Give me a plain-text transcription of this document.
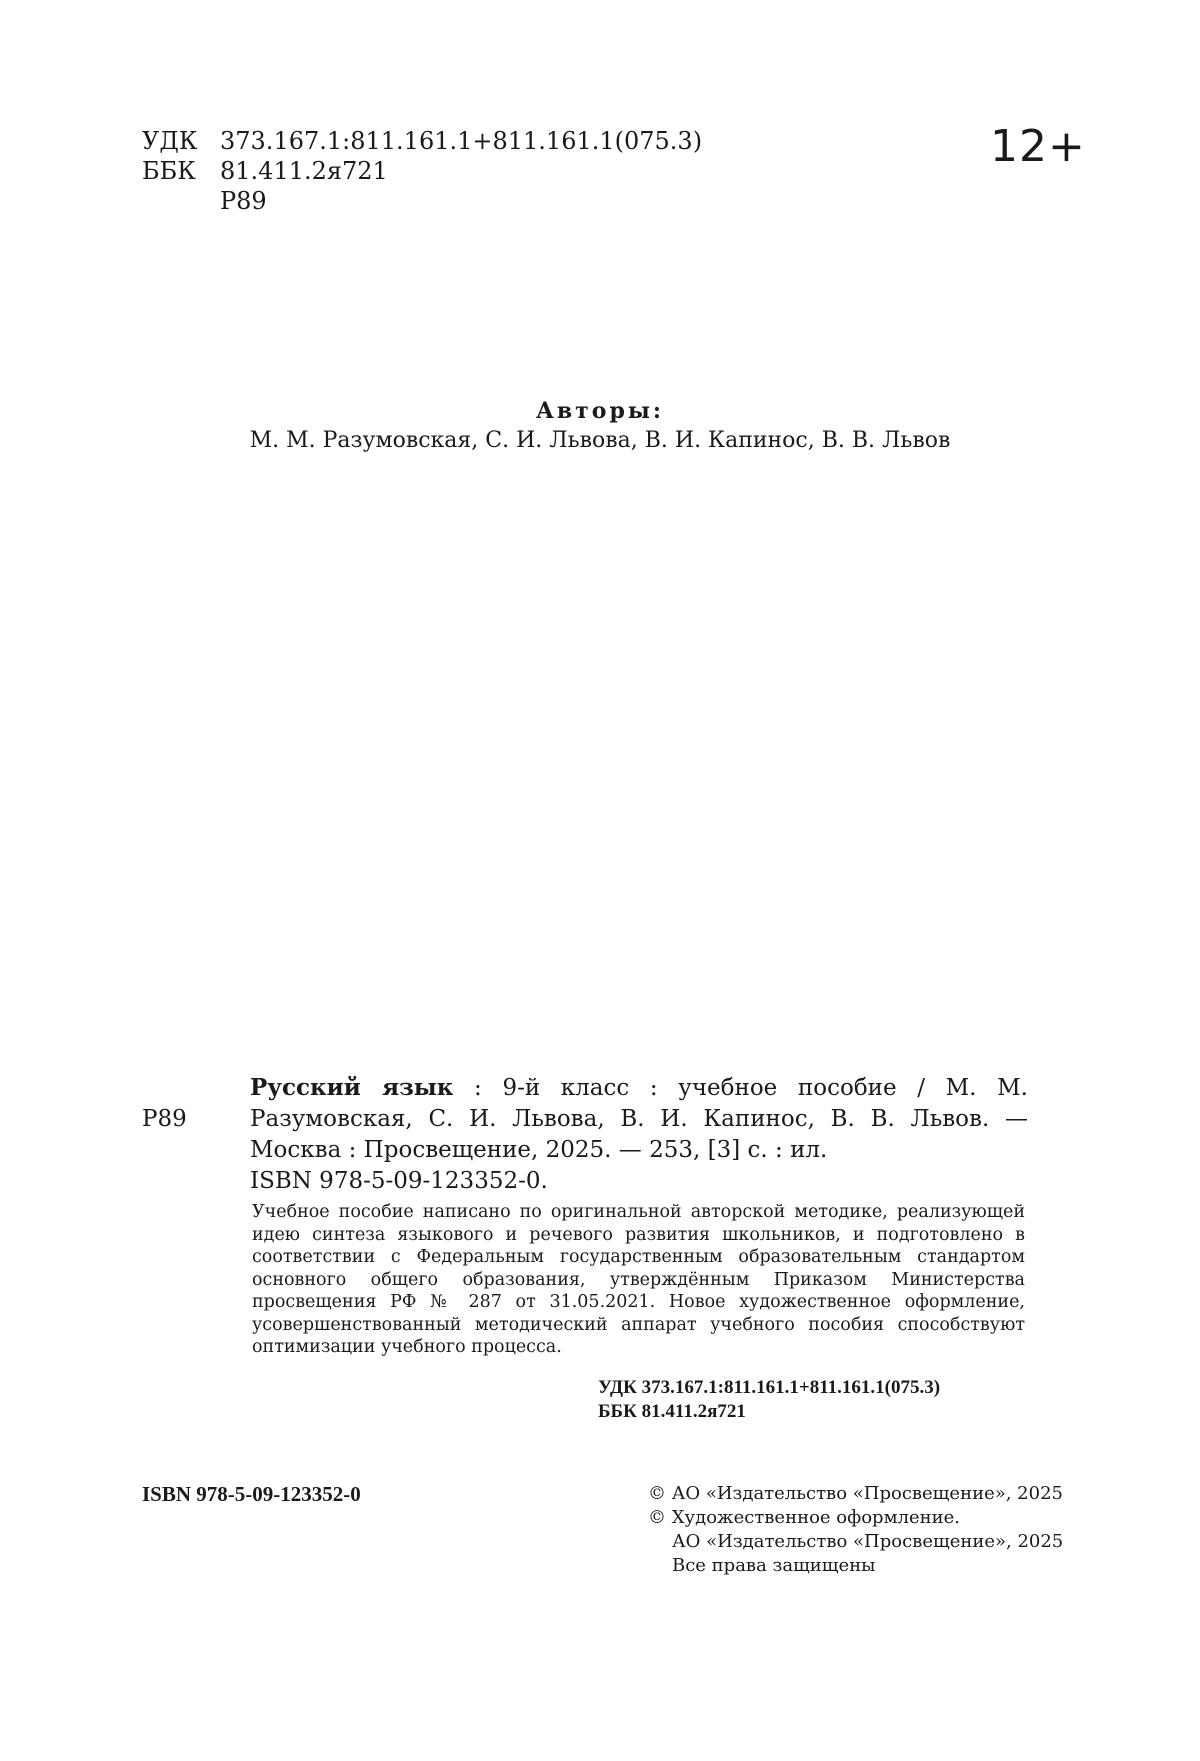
УДК 373.167.1:811.161.1+811.161.1(075.3)
ББК 81.411.2я721
Р89
12+
Авторы:
М. М. Разумовская, С. И. Львова, В. И. Капинос, В. В. Львов
Р89
Русский язык : 9-й класс : учебное пособие / М. М. Разумовская, С. И. Львова, В. И. Капинос, В. В. Львов. — Москва : Просвещение, 2025. — 253, [3] с. : ил.
ISBN 978-5-09-123352-0.
Учебное пособие написано по оригинальной авторской методике, реализующей идею синтеза языкового и речевого развития школьников, и подготовлено в соответствии с Федеральным государственным образовательным стандартом основного общего образования, утверждённым Приказом Министерства просвещения РФ № 287 от 31.05.2021. Новое художественное оформление, усовершенствованный методический аппарат учебного пособия способствуют оптимизации учебного процесса.
УДК 373.167.1:811.161.1+811.161.1(075.3)
ББК 81.411.2я721
ISBN 978-5-09-123352-0	© АО «Издательство «Просвещение», 2025
© Художественное оформление.
АО «Издательство «Просвещение», 2025
Все права защищены
